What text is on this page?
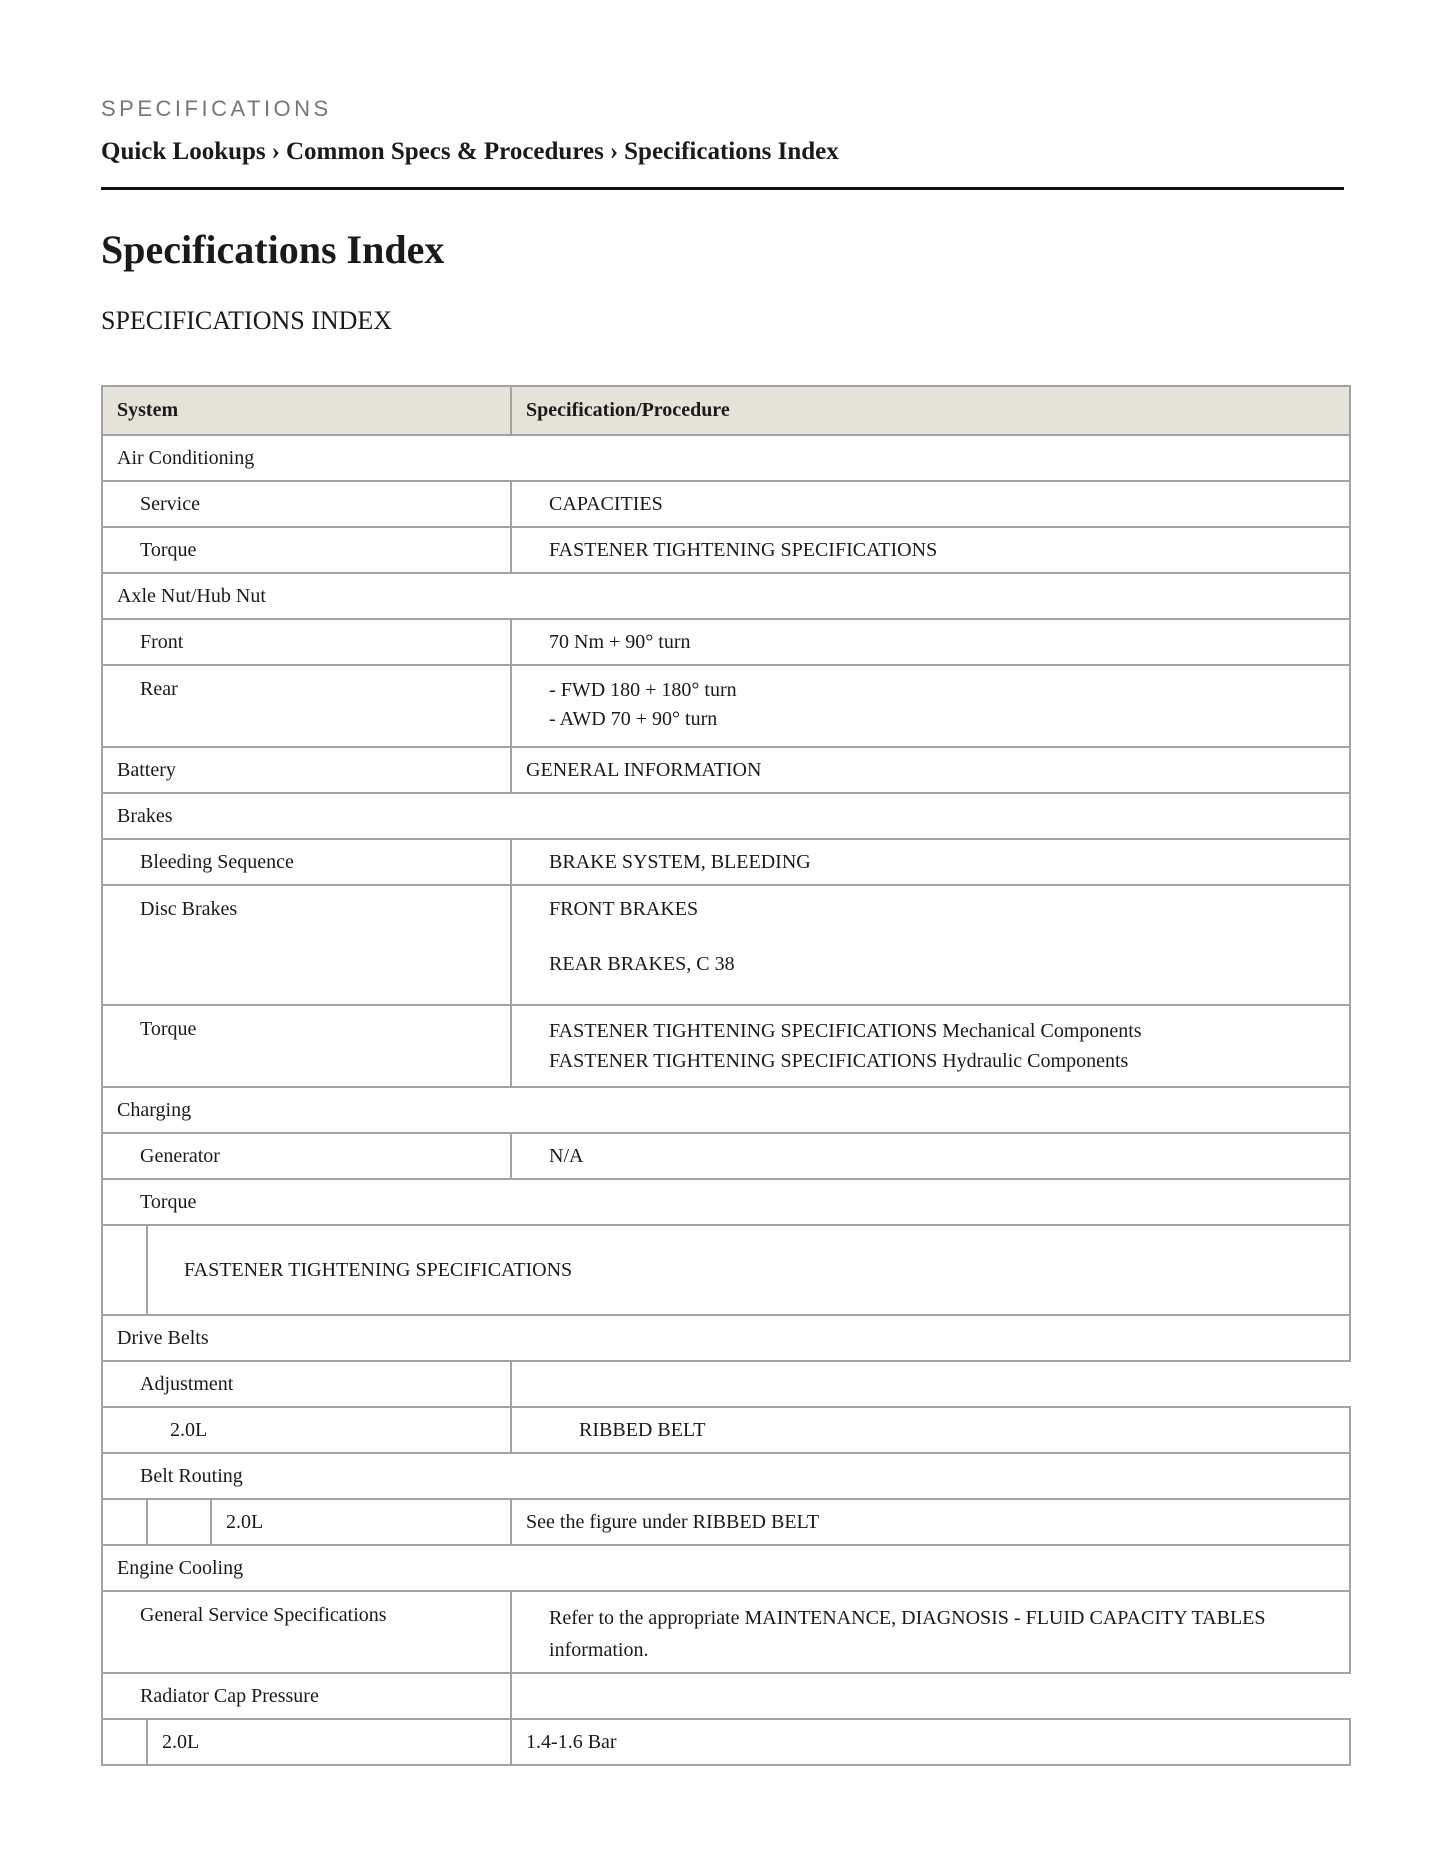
SPECIFICATIONS

Quick Lookups › Common Specs & Procedures › Specifications Index
Specifications Index
SPECIFICATIONS INDEX
System			Specification/Procedure
Air Conditioning			
Service			CAPACITIES
Torque			FASTENER TIGHTENING SPECIFICATIONS
Axle Nut/Hub Nut			
Front			70 Nm + 90° turn
Rear			- FWD 180 + 180° turn
- AWD 70 + 90° turn

Battery			GENERAL INFORMATION
Brakes			
Bleeding Sequence			BRAKE SYSTEM, BLEEDING
Disc Brakes			FRONT BRAKES
REAR BRAKES, C 38

Torque			FASTENER TIGHTENING SPECIFICATIONS Mechanical Components
FASTENER TIGHTENING SPECIFICATIONS Hydraulic Components

Charging			
Generator			N/A
Torque			
	FASTENER TIGHTENING SPECIFICATIONS		
Drive Belts			
Adjustment			
2.0L			RIBBED BELT
Belt Routing			
		2.0L	See the figure under RIBBED BELT
Engine Cooling			
General Service Specifications			Refer to the appropriate MAINTENANCE, DIAGNOSIS - FLUID CAPACITY TABLES information.
Radiator Cap Pressure			
	2.0L		1.4-1.6 Bar
